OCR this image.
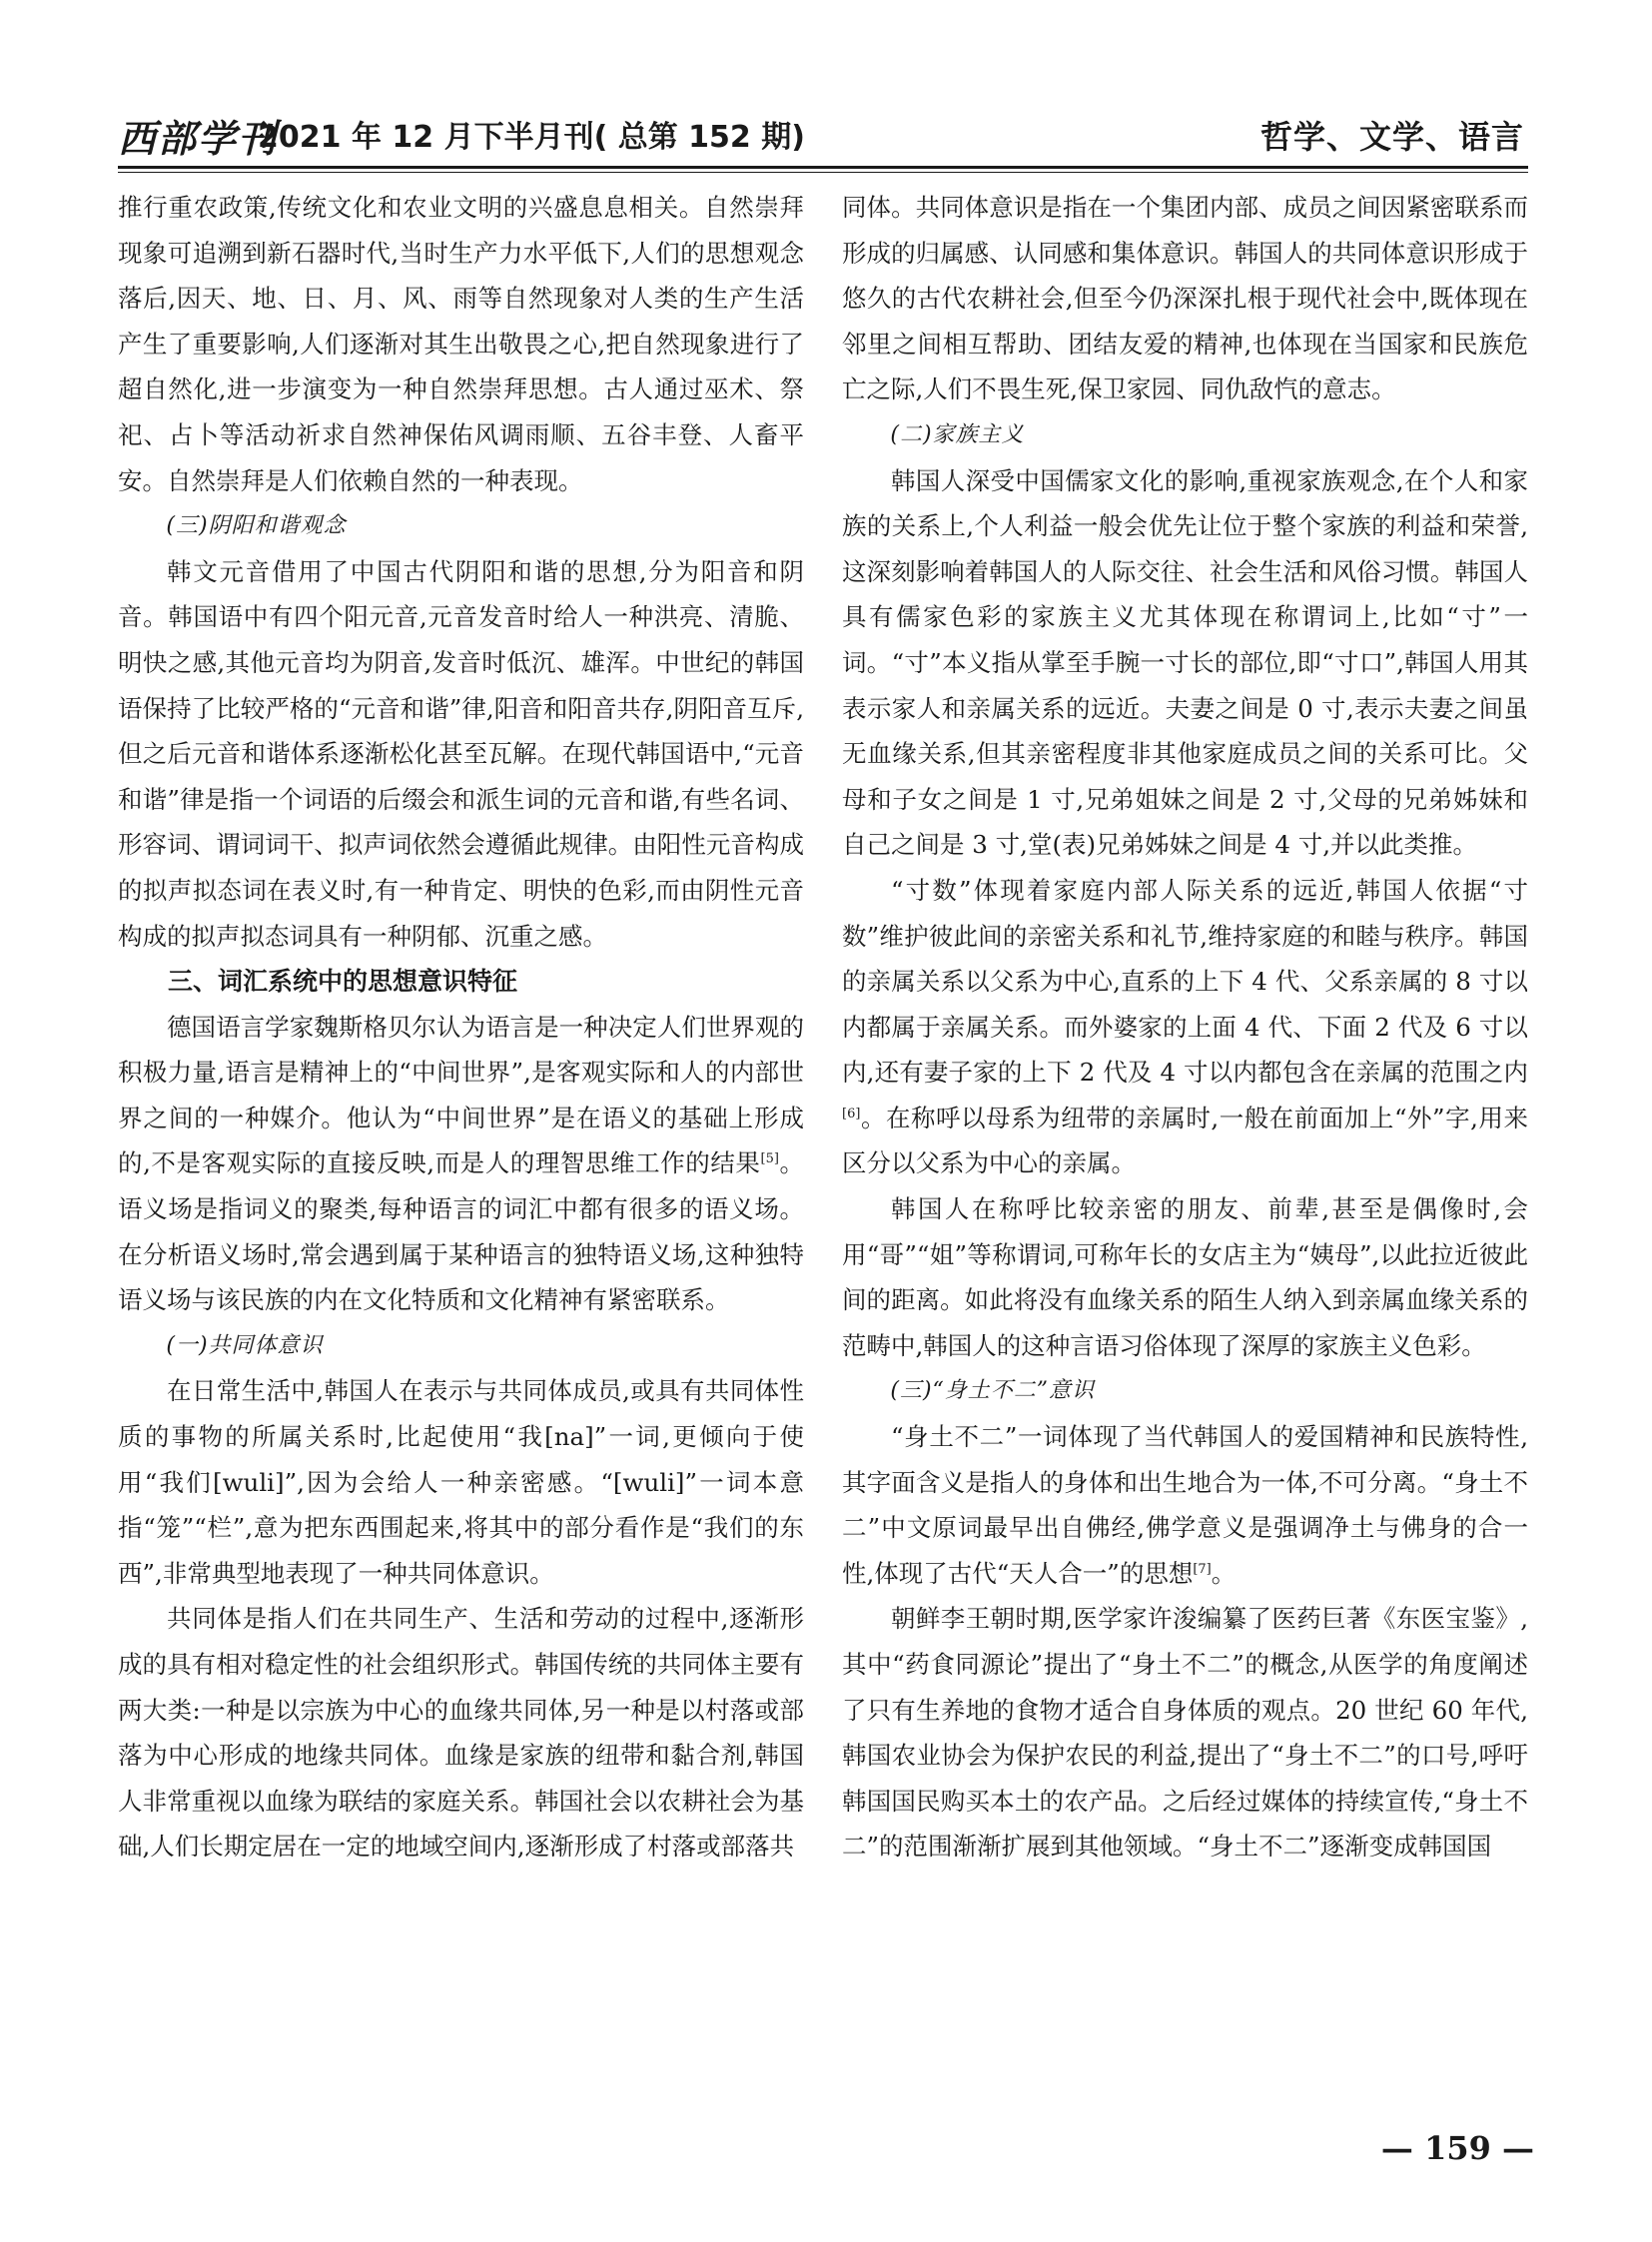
西部学刊
2021 年 12 月下半月刊( 总第 152 期)	哲学、文学、语言

推行重农政策,传统文化和农业文明的兴盛息息相关。自然崇拜现象可追溯到新石器时代,当时生产力水平低下,人们的思想观念落后,因天、地、日、月、风、雨等自然现象对人类的生产生活产生了重要影响,人们逐渐对其生出敬畏之心,把自然现象进行了超自然化,进一步演变为一种自然崇拜思想。古人通过巫术、祭祀、占卜等活动祈求自然神保佑风调雨顺、五谷丰登、人畜平安。自然崇拜是人们依赖自然的一种表现。

(三)阴阳和谐观念

韩文元音借用了中国古代阴阳和谐的思想,分为阳音和阴音。韩国语中有四个阳元音,元音发音时给人一种洪亮、清脆、明快之感,其他元音均为阴音,发音时低沉、雄浑。中世纪的韩国语保持了比较严格的“元音和谐”律,阳音和阳音共存,阴阳音互斥,但之后元音和谐体系逐渐松化甚至瓦解。在现代韩国语中,“元音和谐”律是指一个词语的后缀会和派生词的元音和谐,有些名词、形容词、谓词词干、拟声词依然会遵循此规律。由阳性元音构成的拟声拟态词在表义时,有一种肯定、明快的色彩,而由阴性元音构成的拟声拟态词具有一种阴郁、沉重之感。

三、词汇系统中的思想意识特征

德国语言学家魏斯格贝尔认为语言是一种决定人们世界观的积极力量,语言是精神上的“中间世界”,是客观实际和人的内部世界之间的一种媒介。他认为“中间世界”是在语义的基础上形成的,不是客观实际的直接反映,而是人的理智思维工作的结果[5]。语义场是指词义的聚类,每种语言的词汇中都有很多的语义场。在分析语义场时,常会遇到属于某种语言的独特语义场,这种独特语义场与该民族的内在文化特质和文化精神有紧密联系。

(一)共同体意识

在日常生活中,韩国人在表示与共同体成员,或具有共同体性质的事物的所属关系时,比起使用“我[na]”一词,更倾向于使用“我们[wuli]”,因为会给人一种亲密感。“[wuli]”一词本意指“笼”“栏”,意为把东西围起来,将其中的部分看作是“我们的东西”,非常典型地表现了一种共同体意识。

共同体是指人们在共同生产、生活和劳动的过程中,逐渐形成的具有相对稳定性的社会组织形式。韩国传统的共同体主要有两大类:一种是以宗族为中心的血缘共同体,另一种是以村落或部落为中心形成的地缘共同体。血缘是家族的纽带和黏合剂,韩国人非常重视以血缘为联结的家庭关系。韩国社会以农耕社会为基础,人们长期定居在一定的地域空间内,逐渐形成了村落或部落共

同体。共同体意识是指在一个集团内部、成员之间因紧密联系而形成的归属感、认同感和集体意识。韩国人的共同体意识形成于悠久的古代农耕社会,但至今仍深深扎根于现代社会中,既体现在邻里之间相互帮助、团结友爱的精神,也体现在当国家和民族危亡之际,人们不畏生死,保卫家园、同仇敌忾的意志。

(二)家族主义

韩国人深受中国儒家文化的影响,重视家族观念,在个人和家族的关系上,个人利益一般会优先让位于整个家族的利益和荣誉,这深刻影响着韩国人的人际交往、社会生活和风俗习惯。韩国人具有儒家色彩的家族主义尤其体现在称谓词上,比如“寸”一词。“寸”本义指从掌至手腕一寸长的部位,即“寸口”,韩国人用其表示家人和亲属关系的远近。夫妻之间是 0 寸,表示夫妻之间虽无血缘关系,但其亲密程度非其他家庭成员之间的关系可比。父母和子女之间是 1 寸,兄弟姐妹之间是 2 寸,父母的兄弟姊妹和自己之间是 3 寸,堂(表)兄弟姊妹之间是 4 寸,并以此类推。

“寸数”体现着家庭内部人际关系的远近,韩国人依据“寸数”维护彼此间的亲密关系和礼节,维持家庭的和睦与秩序。韩国的亲属关系以父系为中心,直系的上下 4 代、父系亲属的 8 寸以内都属于亲属关系。而外婆家的上面 4 代、下面 2 代及 6 寸以内,还有妻子家的上下 2 代及 4 寸以内都包含在亲属的范围之内[6]。在称呼以母系为纽带的亲属时,一般在前面加上“外”字,用来区分以父系为中心的亲属。

韩国人在称呼比较亲密的朋友、前辈,甚至是偶像时,会用“哥”“姐”等称谓词,可称年长的女店主为“姨母”,以此拉近彼此间的距离。如此将没有血缘关系的陌生人纳入到亲属血缘关系的范畴中,韩国人的这种言语习俗体现了深厚的家族主义色彩。

(三)“身土不二”意识

“身土不二”一词体现了当代韩国人的爱国精神和民族特性,其字面含义是指人的身体和出生地合为一体,不可分离。“身土不二”中文原词最早出自佛经,佛学意义是强调净土与佛身的合一性,体现了古代“天人合一”的思想[7]。

朝鲜李王朝时期,医学家许浚编纂了医药巨著《东医宝鉴》,其中“药食同源论”提出了“身土不二”的概念,从医学的角度阐述了只有生养地的食物才适合自身体质的观点。20 世纪 60 年代,韩国农业协会为保护农民的利益,提出了“身土不二”的口号,呼吁韩国国民购买本土的农产品。之后经过媒体的持续宣传,“身土不二”的范围渐渐扩展到其他领域。“身土不二”逐渐变成韩国国

— 159 —
